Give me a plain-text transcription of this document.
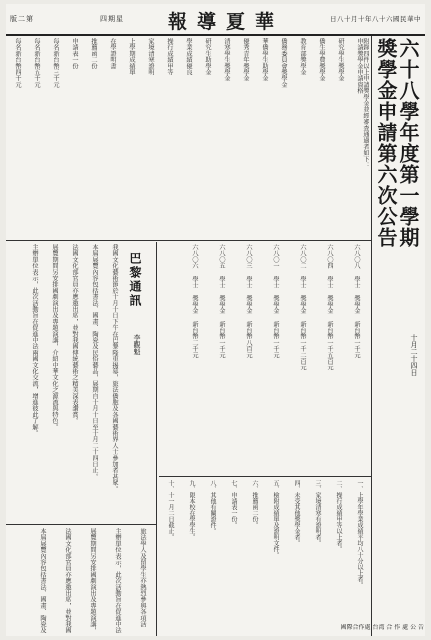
版二第	四期星 報導夏華	日八十月十年八十六國民華中
六十八學年度第一學期
獎學金申請第六次公告
申請獎學金申請資格
研究學生獎學金
僑生學費獎學金
教育部獎學金
僑務委員會獎學金
華僑學生助學金
優秀青年獎學金
清寒學生獎學金
研究生助學金
學業成績優良
操行成績甲等
家境清寒證明
上學期成績單
在學證明書
推薦函二份
申請表一份
每名新台幣三千元
每名新台幣五千元
每名新台幣四千元	附錄四件以上申請獎學金並經審查通過者如下：
巴黎通訊
李觀魁
我國文化藝術節於十月十日下午在巴黎隆重揭幕，旅法僑胞及各國藝術界人士參加者甚眾。
本屆展覽內容包括書法、國畫、陶瓷及民俗藝品，展期自十月十日至十月二十四日止。
法國文化部官員亦應邀出席，並對我國傳統藝術之精美深表讚賞。
展覽期間另安排國劇演出及專題演講，介紹中華文化之源流與特色。
主辦單位表示，此次活動旨在促進中法兩國文化交流，增進彼此了解。
旅法學人及留學生亦熱烈參與各項活
主辦單位表示，此次活動旨在促進中法
展覽期間另安排國劇演出及專題演講，
法國文化部官員亦應邀出席，並對我國
本屆展覽內容包括書法、國畫、陶瓷及
六八〇八 學士 獎學金 新台幣一千元
六八〇四 學士 獎學金 新台幣一千五百元
六八〇二 學士 獎學金 新台幣一千二百元
六八〇一 學士 獎學金 新台幣一千元
六八〇三 學士 獎學金 新台幣八百元
六八〇五 學士 獎學金 新台幣一千元
六八〇六 學士 獎學金 新台幣二千元
一、上學年學業成績平均八十分以上者。
二、操行成績甲等以上者。
三、家境清寒有證明者。
四、未受其他獎學金者。
五、檢附成績單及證明文件。
六、推薦函二份。
七、申請表一份。
八、其他有關證件。
九、限本校在學學生。
十、十一月二日截止。
十月二十四日
國際合作處 台湾 合 作 處 公 告
